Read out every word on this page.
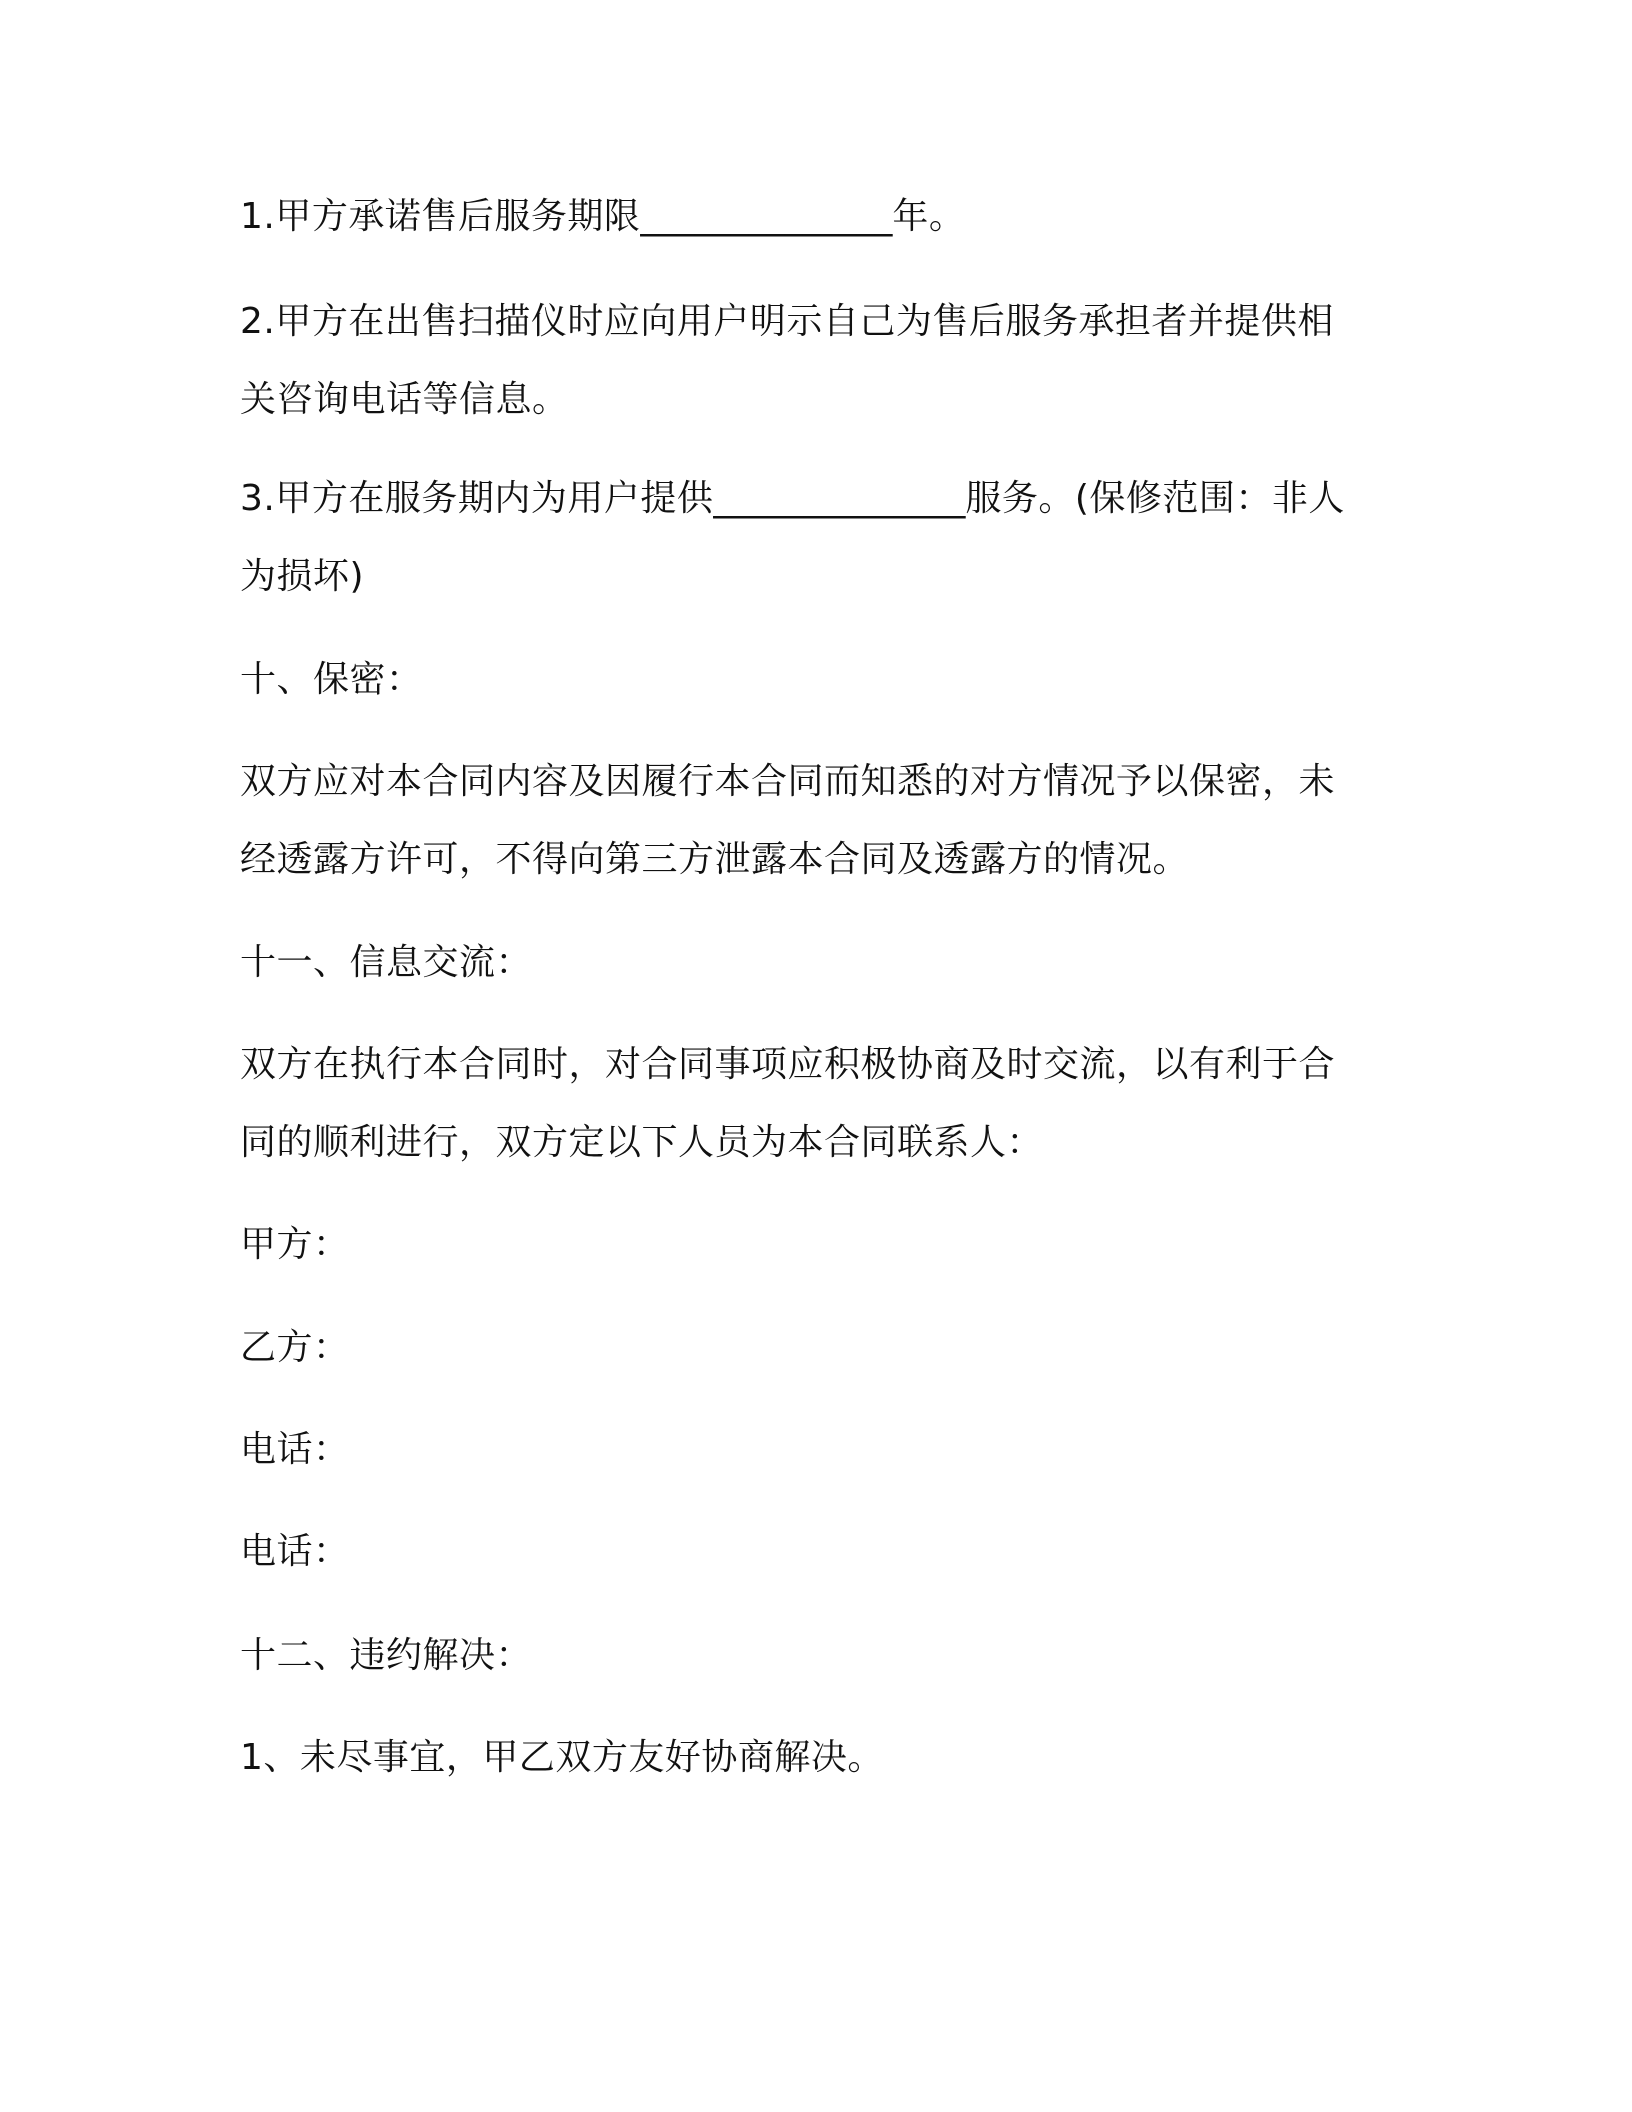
1.甲方承诺售后服务期限______________年。
2.甲方在出售扫描仪时应向用户明示自己为售后服务承担者并提供相关咨询电话等信息。
3.甲方在服务期内为用户提供______________服务。(保修范围：非人为损坏)
十、保密：
双方应对本合同内容及因履行本合同而知悉的对方情况予以保密，未经透露方许可，不得向第三方泄露本合同及透露方的情况。
十一、信息交流：
双方在执行本合同时，对合同事项应积极协商及时交流，以有利于合同的顺利进行，双方定以下人员为本合同联系人：
甲方：
乙方：
电话：
电话：
十二、违约解决：
1、未尽事宜，甲乙双方友好协商解决。
